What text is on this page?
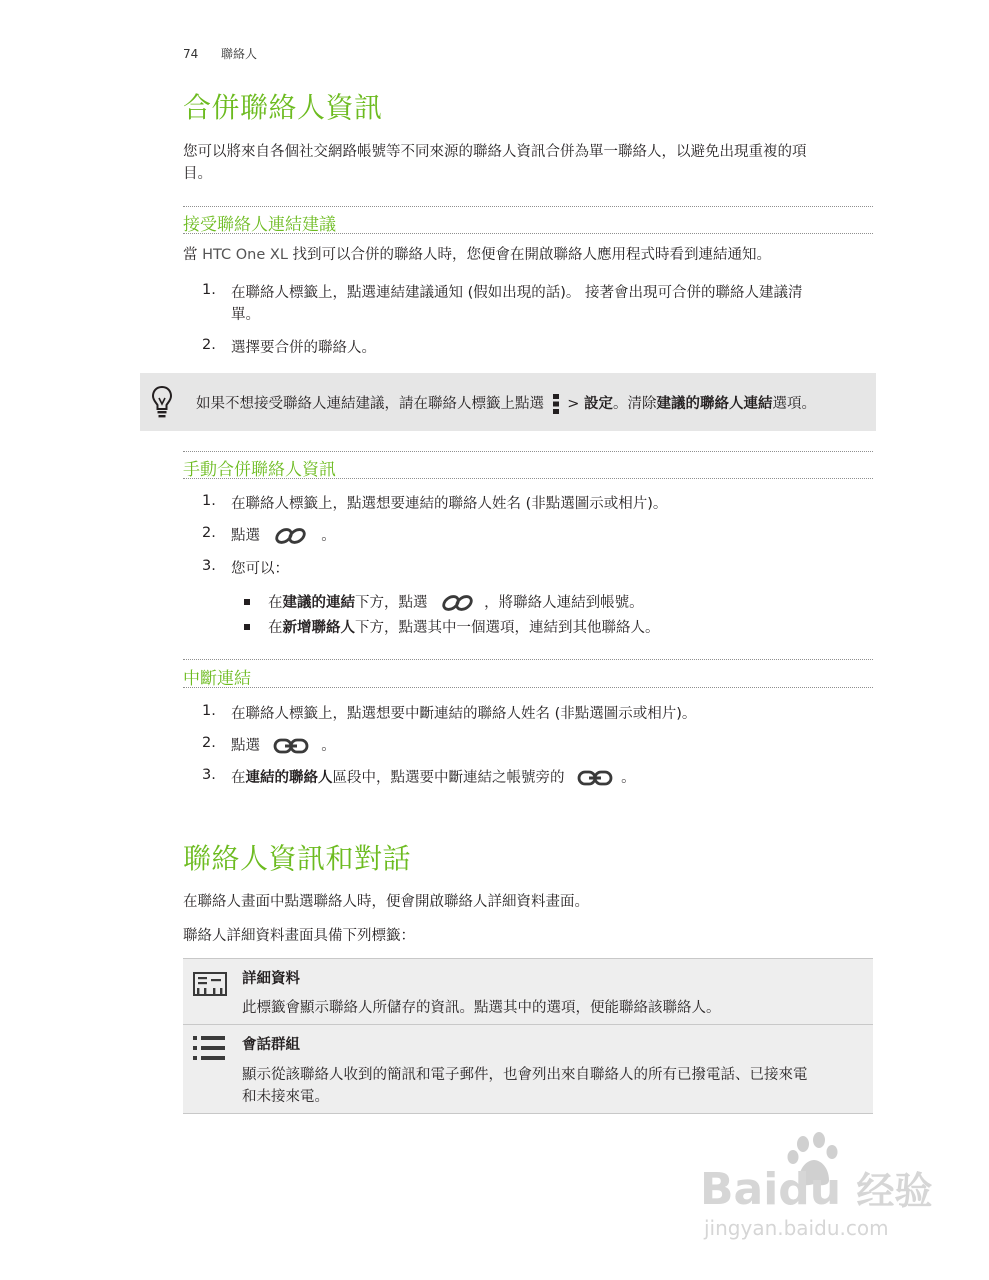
74 聯絡人
合併聯絡人資訊
您可以將來自各個社交網路帳號等不同來源的聯絡人資訊合併為單一聯絡人，以避免出現重複的項
目。
接受聯絡人連結建議
當 HTC One XL 找到可以合併的聯絡人時，您便會在開啟聯絡人應用程式時看到連結通知。
1.	在聯絡人標籤上，點選連結建議通知 (假如出現的話)。 接著會出現可合併的聯絡人建議清
單。
2.	選擇要合併的聯絡人。
如果不想接受聯絡人連結建議，請在聯絡人標籤上點選  > 設定。清除建議的聯絡人連結選項。
手動合併聯絡人資訊
1.	在聯絡人標籤上，點選想要連結的聯絡人姓名 (非點選圖示或相片)。
2.	點選	。
3.	您可以：
在建議的連結下方，點選	，將聯絡人連結到帳號。
在新增聯絡人下方，點選其中一個選項，連結到其他聯絡人。
中斷連結
1.	在聯絡人標籤上，點選想要中斷連結的聯絡人姓名 (非點選圖示或相片)。
2.	點選	。
3.	在連結的聯絡人區段中，點選要中斷連結之帳號旁的	。
聯絡人資訊和對話
在聯絡人畫面中點選聯絡人時，便會開啟聯絡人詳細資料畫面。
聯絡人詳細資料畫面具備下列標籤：
詳細資料
此標籤會顯示聯絡人所儲存的資訊。點選其中的選項，便能聯絡該聯絡人。
會話群組
顯示從該聯絡人收到的簡訊和電子郵件，也會列出來自聯絡人的所有已撥電話、已接來電
和未接來電。
Baidu 经验
jingyan.baidu.com
